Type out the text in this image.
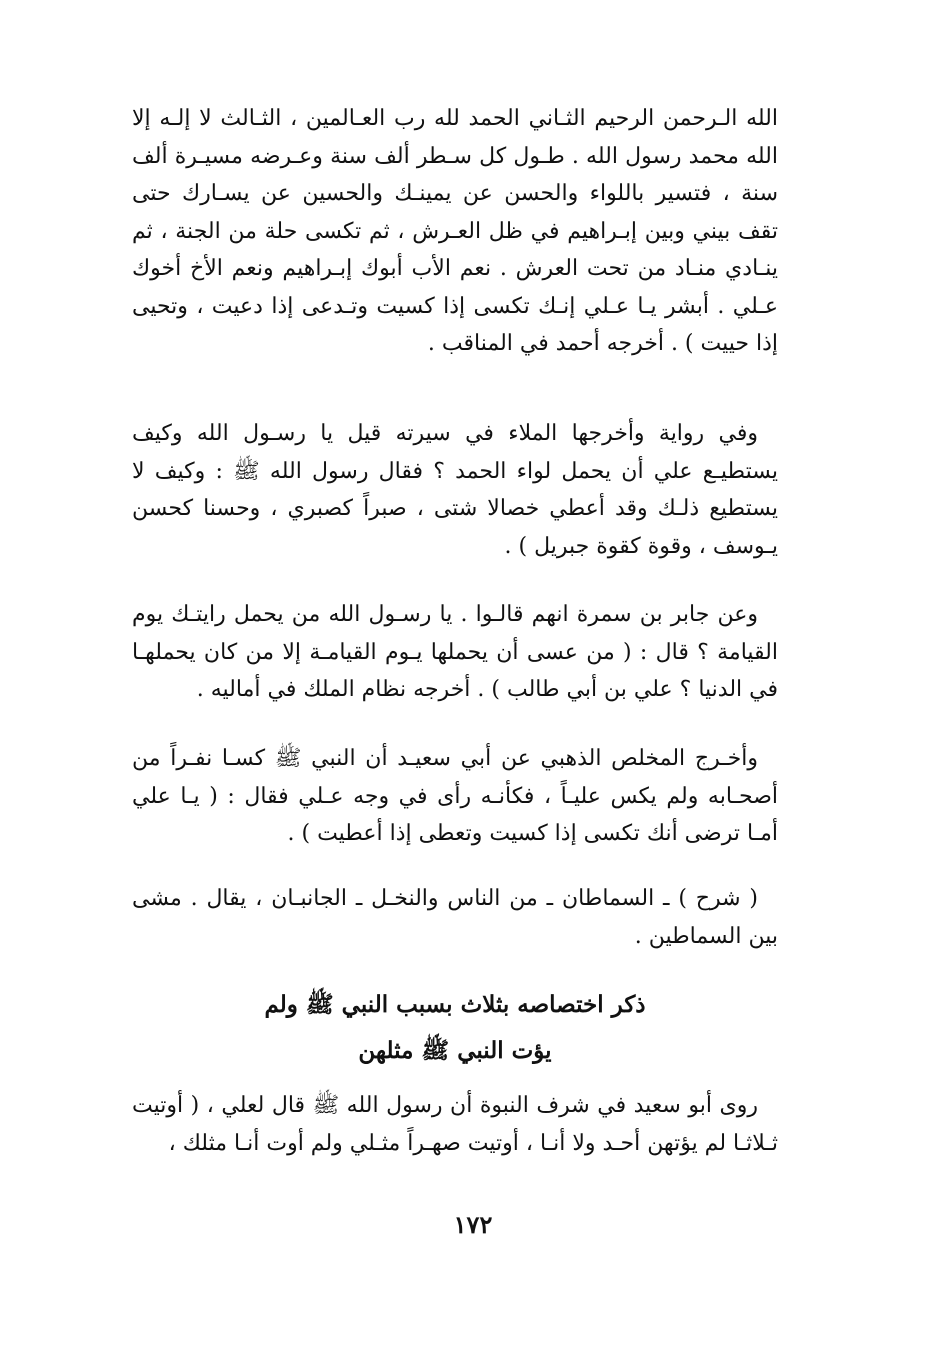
الله الـرحمن الرحيم الثـاني الحمد لله رب العـالمين ، الثـالث لا إلـه إلا الله محمد رسول الله . طـول كل سـطر ألف سنة وعـرضه مسيـرة ألف سنة ، فتسير باللواء والحسن عن يمينـك والحسين عن يسـارك حتى تقف بيني وبين إبـراهيم في ظل العـرش ، ثم تكسى حلة من الجنة ، ثم ينـادي منـاد من تحت العرش . نعم الأب أبوك إبـراهيم ونعم الأخ أخوك عـلي . أبشر يـا عـلي إنـك تكسى إذا كسيت وتـدعى إذا دعيت ، وتحيى إذا حييت ) . أخرجه أحمد في المناقب .

وفي رواية وأخرجها الملاء في سيرته قيل يا رسـول الله وكيف يستطيـع علي أن يحمل لواء الحمد ؟ فقال رسول الله ﷺ : وكيف لا يستطيع ذلـك وقد أعطي خصالا شتى ، صبراً كصبري ، وحسنا كحسن يـوسف ، وقوة كقوة جبريل ) .

وعن جابر بن سمرة انهم قالـوا . يا رسـول الله من يحمل رايتـك يوم القيامة ؟ قال : ( من عسى أن يحملها يـوم القيامـة إلا من كان يحملهـا في الدنيا ؟ علي بن أبي طالب ) . أخرجه نظام الملك في أماليه .

وأخـرج المخلص الذهبي عن أبي سعيـد أن النبي ﷺ كسـا نفـراً من أصحـابه ولم يكس عليـاً ، فكأنـه رأى في وجه عـلي فقال : ( يـا علي أمـا ترضى أنك تكسى إذا كسيت وتعطى إذا أعطيت ) .

( شرح ) ـ السماطان ـ من الناس والنخـل ـ الجانبـان ، يقال . مشى بين السماطين .

ذكر اختصاصه بثلاث بسبب النبي ﷺ ولم
يؤت النبي ﷺ مثلهن

روى أبو سعيد في شرف النبوة أن رسول الله ﷺ قال لعلي ، ( أوتيت ثـلاثـا لم يؤتهن أحـد ولا أنـا ، أوتيت صهـراً مثـلي ولم أوت أنـا مثلك ،

١٧٢
